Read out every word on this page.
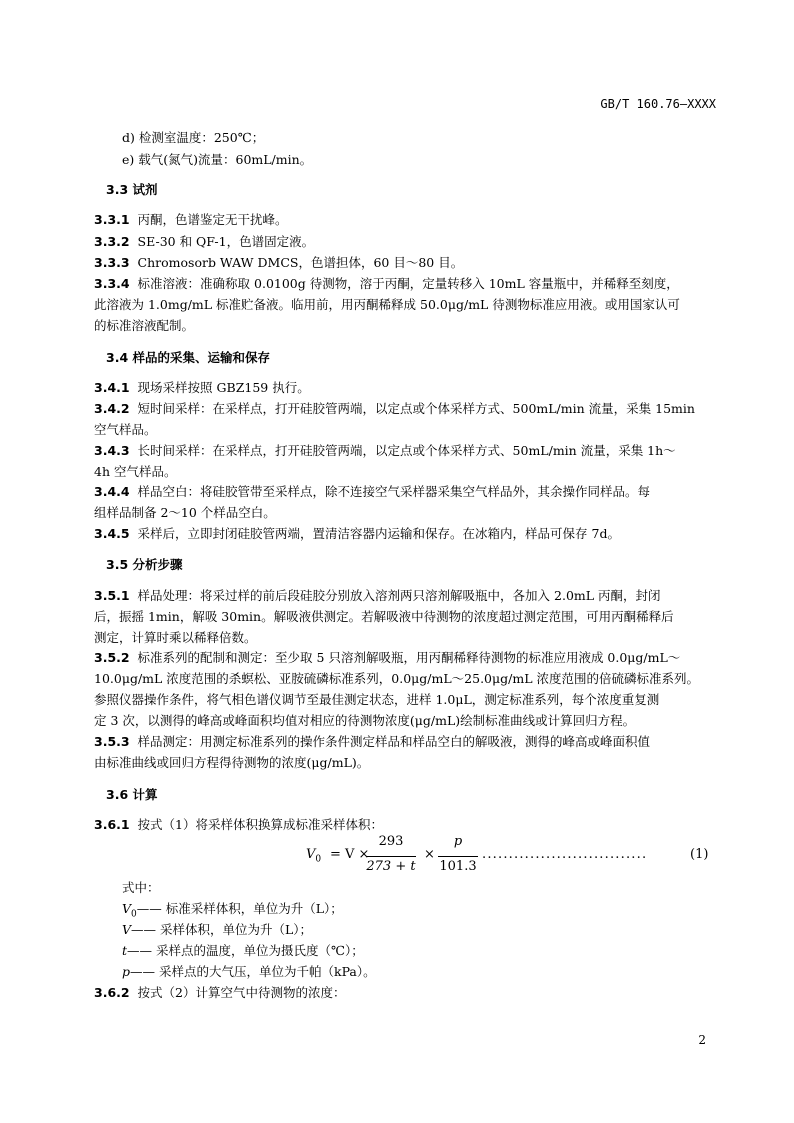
GB/T 160.76—XXXX
d) 检测室温度：250℃；
e) 载气(氮气)流量：60mL/min。
3.3 试剂
3.3.1 丙酮，色谱鉴定无干扰峰。
3.3.2 SE-30 和 QF-1，色谱固定液。
3.3.3 Chromosorb WAW DMCS，色谱担体，60 目～80 目。
3.3.4 标准溶液：准确称取 0.0100g 待测物，溶于丙酮，定量转移入 10mL 容量瓶中，并稀释至刻度，
此溶液为 1.0mg/mL 标准贮备液。临用前，用丙酮稀释成 50.0μg/mL 待测物标准应用液。或用国家认可
的标准溶液配制。
3.4 样品的采集、运输和保存
3.4.1 现场采样按照 GBZ159 执行。
3.4.2 短时间采样：在采样点，打开硅胶管两端，以定点或个体采样方式、500mL/min 流量，采集 15min
空气样品。
3.4.3 长时间采样：在采样点，打开硅胶管两端，以定点或个体采样方式、50mL/min 流量，采集 1h～
4h 空气样品。
3.4.4 样品空白：将硅胶管带至采样点，除不连接空气采样器采集空气样品外，其余操作同样品。每
组样品制备 2～10 个样品空白。
3.4.5 采样后，立即封闭硅胶管两端，置清洁容器内运输和保存。在冰箱内，样品可保存 7d。
3.5 分析步骤
3.5.1 样品处理：将采过样的前后段硅胶分别放入溶剂两只溶剂解吸瓶中，各加入 2.0mL 丙酮，封闭
后，振摇 1min，解吸 30min。解吸液供测定。若解吸液中待测物的浓度超过测定范围，可用丙酮稀释后
测定，计算时乘以稀释倍数。
3.5.2 标准系列的配制和测定：至少取 5 只溶剂解吸瓶，用丙酮稀释待测物的标准应用液成 0.0μg/mL～
10.0μg/mL 浓度范围的杀螟松、亚胺硫磷标准系列，0.0μg/mL～25.0μg/mL 浓度范围的倍硫磷标准系列。
参照仪器操作条件，将气相色谱仪调节至最佳测定状态，进样 1.0μL，测定标准系列，每个浓度重复测
定 3 次，以测得的峰高或峰面积均值对相应的待测物浓度(μg/mL)绘制标准曲线或计算回归方程。
3.5.3 样品测定：用测定标准系列的操作条件测定样品和样品空白的解吸液，测得的峰高或峰面积值
由标准曲线或回归方程得待测物的浓度(μg/mL)。
3.6 计算
3.6.1 按式（1）将采样体积换算成标准采样体积：
$V_0 = V$ ×
293
273 + t
×
p
101.3
...............................	(1)
式中：
$V_0——$ 标准采样体积，单位为升（L）；
V—— 采样体积，单位为升（L）；
t—— 采样点的温度，单位为摄氏度（℃）；
p—— 采样点的大气压，单位为千帕（kPa）。
3.6.2 按式（2）计算空气中待测物的浓度：
2
